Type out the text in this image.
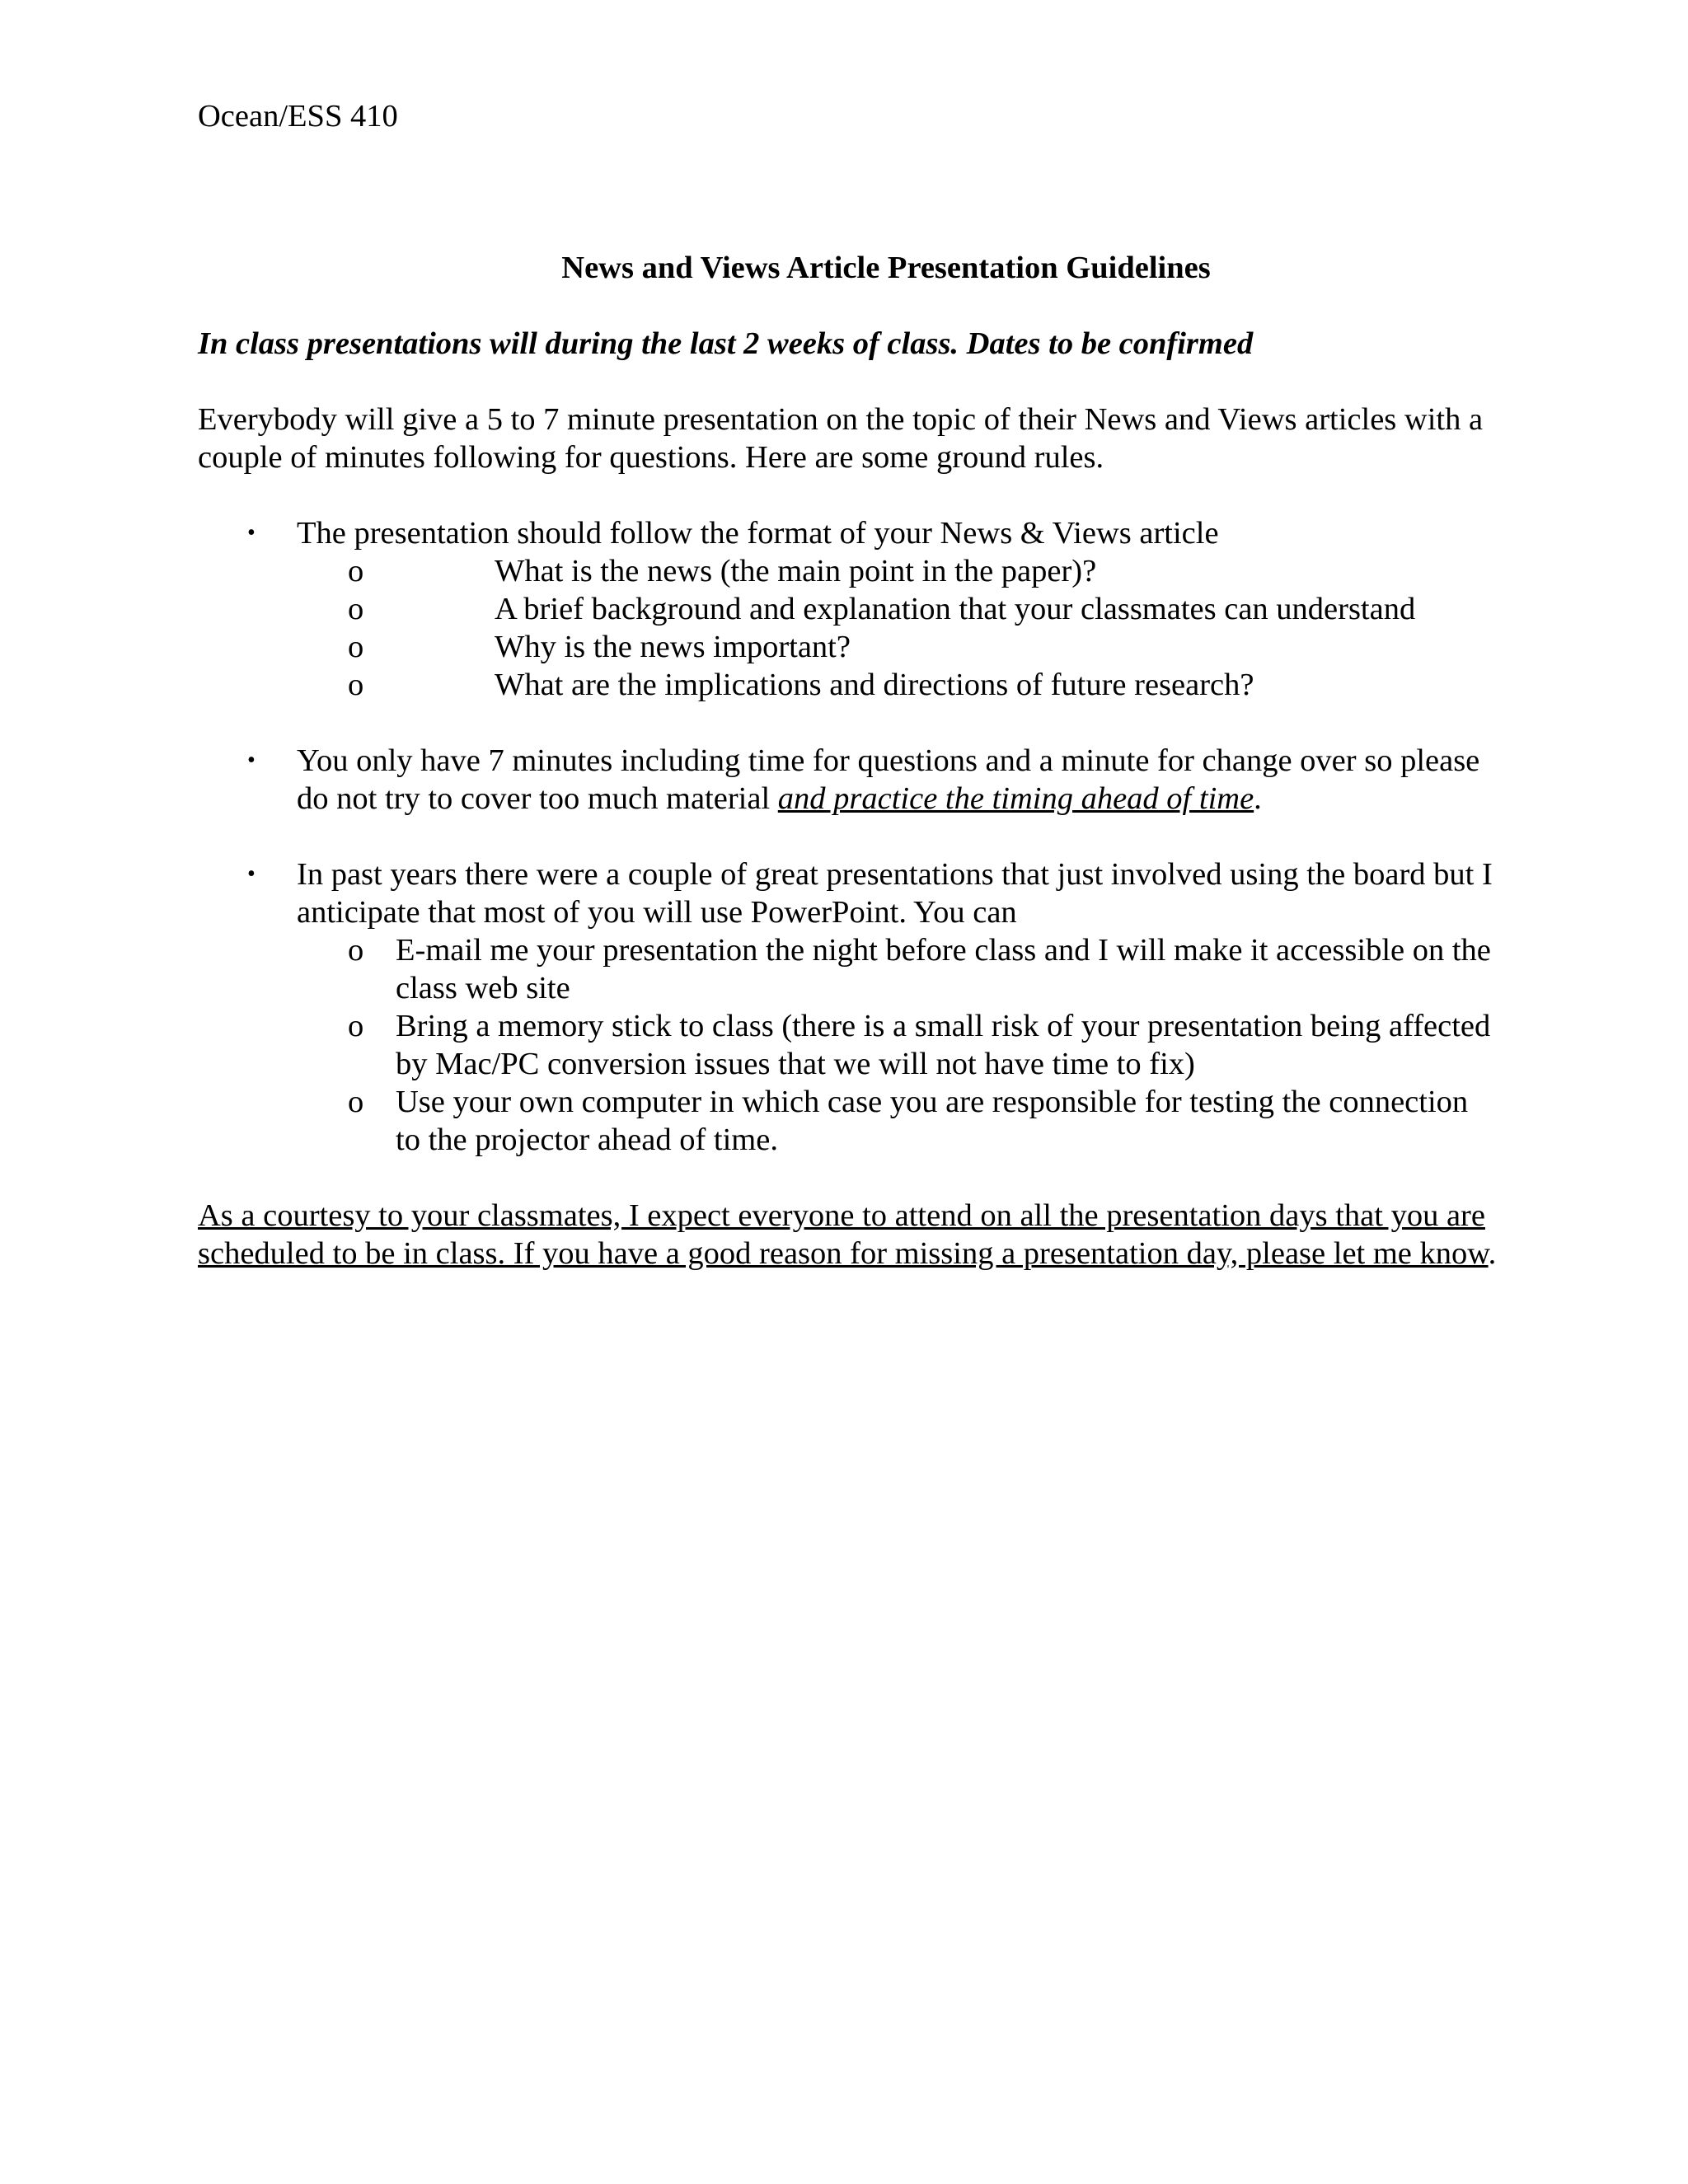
Ocean/ESS 410

News and Views Article Presentation Guidelines

In class presentations will during the last 2 weeks of class. Dates to be confirmed

Everybody will give a 5 to 7 minute presentation on the topic of their News and Views articles with a couple of minutes following for questions. Here are some ground rules.

• The presentation should follow the format of your News & Views article
o	What is the news (the main point in the paper)?
o	A brief background and explanation that your classmates can understand
o	Why is the news important?
o	What are the implications and directions of future research?
• You only have 7 minutes including time for questions and a minute for change over so please do not try to cover too much material and practice the timing ahead of time.
• In past years there were a couple of great presentations that just involved using the board but I anticipate that most of you will use PowerPoint. You can
o E-mail me your presentation the night before class and I will make it accessible on the class web site
o Bring a memory stick to class (there is a small risk of your presentation being affected by Mac/PC conversion issues that we will not have time to fix)
o Use your own computer in which case you are responsible for testing the connection to the projector ahead of time.

As a courtesy to your classmates, I expect everyone to attend on all the presentation days that you are scheduled to be in class. If you have a good reason for missing a presentation day, please let me know.
